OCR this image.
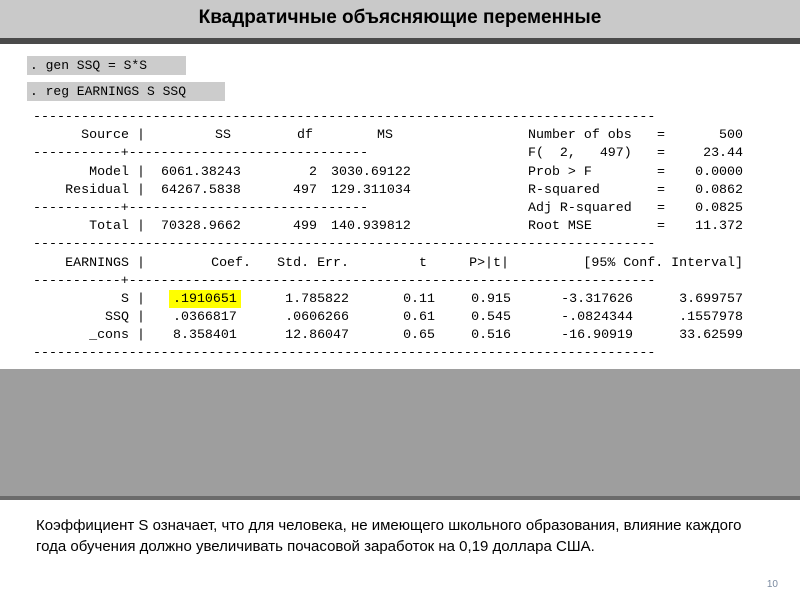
Квадратичные объясняющие переменные
. gen SSQ = S*S
. reg EARNINGS S SSQ
------------------------------------------------------------------------------
Source |	SS	df	MS	Number of obs =	500
-----------+------------------------------	F(  2,   497) =	23.44
Model | 6061.38243	2 3030.69122	Prob > F	=	0.0000
Residual | 64267.5838	497 129.311034	R-squared	=	0.0862
-----------+------------------------------	Adj R-squared =	0.0825
Total | 70328.9662	499 140.939812	Root MSE	=	11.372
------------------------------------------------------------------------------
EARNINGS |	Coef.	Std. Err.	t	P>|t|	[95% Conf. Interval]
-----------+------------------------------------------------------------------
S |	.1910651	1.785822	0.11	0.915	-3.317626	3.699757
SSQ | .0366817	.0606266	0.61	0.545	-.0824344	.1557978
_cons | 8.358401	12.86047	0.65	0.516	-16.90919	33.62599
------------------------------------------------------------------------------
Коэффициент S означает, что для человека, не имеющего школьного образования, влияние каждого года обучения должно увеличивать почасовой заработок на 0,19 доллара США.
10
